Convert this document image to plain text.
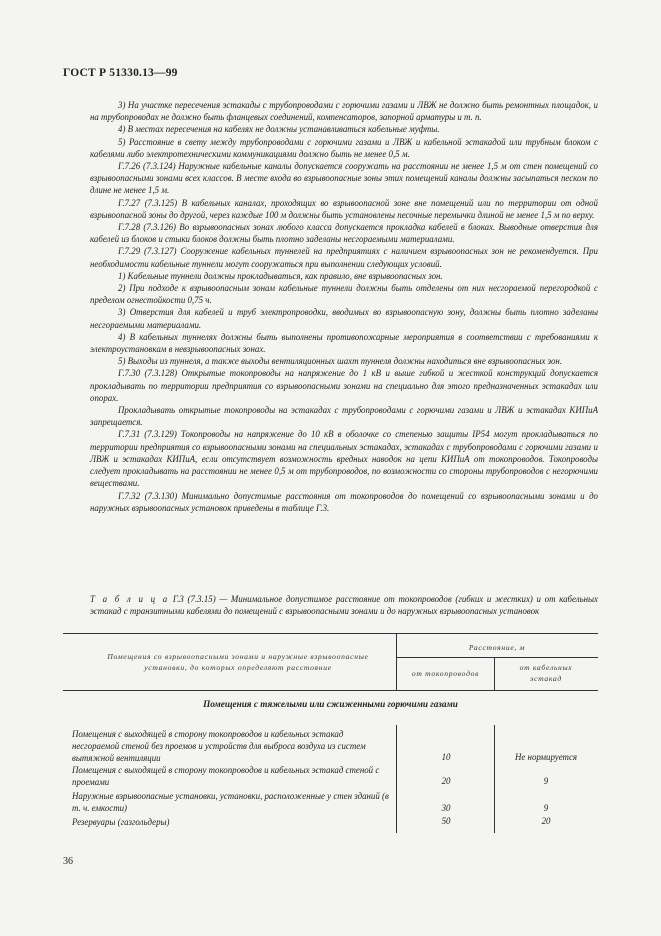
ГОСТ Р 51330.13—99

3) На участке пересечения эстакады с трубопроводами с горючими газами и ЛВЖ не должно быть ремонтных площадок, и на трубопроводах не должно быть фланцевых соединений, компенсаторов, запорной арматуры и т. п.

4) В местах пересечения на кабелях не должны устанавливаться кабельные муфты.

5) Расстояние в свету между трубопроводами с горючими газами и ЛВЖ и кабельной эстакадой или трубным блоком с кабелями либо электротехническими коммуникациями должно быть не менее 0,5 м.

Г.7.26 (7.3.124) Наружные кабельные каналы допускается сооружать на расстоянии не менее 1,5 м от стен помещений со взрывоопасными зонами всех классов. В месте входа во взрывоопасные зоны этих помещений каналы должны засыпаться песком по длине не менее 1,5 м.

Г.7.27 (7.3.125) В кабельных каналах, проходящих во взрывоопасной зоне вне помещений или по территории от одной взрывоопасной зоны до другой, через каждые 100 м должны быть установлены песочные перемычки длиной не менее 1,5 м по верху.

Г.7.28 (7.3.126) Во взрывоопасных зонах любого класса допускается прокладка кабелей в блоках. Выводные отверстия для кабелей из блоков и стыки блоков должны быть плотно заделаны несгораемыми материалами.

Г.7.29 (7.3.127) Сооружение кабельных туннелей на предприятиях с наличием взрывоопасных зон не рекомендуется. При необходимости кабельные туннели могут сооружаться при выполнении следующих условий.

1) Кабельные туннели должны прокладываться, как правило, вне взрывоопасных зон.

2) При подходе к взрывоопасным зонам кабельные туннели должны быть отделены от них несгораемой перегородкой с пределом огнестойкости 0,75 ч.

3) Отверстия для кабелей и труб электропроводки, вводимых во взрывоопасную зону, должны быть плотно заделаны несгораемыми материалами.

4) В кабельных туннелях должны быть выполнены противопожарные мероприятия в соответствии с требованиями к электроустановкам в невзрывоопасных зонах.

5) Выходы из туннеля, а также выходы вентиляционных шахт туннеля должны находиться вне взрывоопасных зон.

Г.7.30 (7.3.128) Открытые токопроводы на напряжение до 1 кВ и выше гибкой и жесткой конструкций допускается прокладывать по территории предприятия со взрывоопасными зонами на специально для этого предназначенных эстакадах или опорах.

Прокладывать открытые токопроводы на эстакадах с трубопроводами с горючими газами и ЛВЖ и эстакадах КИПиА запрещается.

Г.7.31 (7.3.129) Токопроводы на напряжение до 10 кВ в оболочке со степенью защиты IP54 могут прокладываться по территории предприятия со взрывоопасными зонами на специальных эстакадах, эстакадах с трубопроводами с горючими газами и ЛВЖ и эстакадах КИПиА, если отсутствует возможность вредных наводок на цепи КИПиА от токопроводов. Токопроводы следует прокладывать на расстоянии не менее 0,5 м от трубопроводов, по возможности со стороны трубопроводов с негорючими веществами.

Г.7.32 (7.3.130) Минимально допустимые расстояния от токопроводов до помещений со взрывоопасными зонами и до наружных взрывоопасных установок приведены в таблице Г.3.

Т а б л и ц а Г.3 (7.3.15) — Минимальное допустимое расстояние от токопроводов (гибких и жестких) и от кабельных эстакад с транзитными кабелями до помещений с взрывоопасными зонами и до наружных взрывоопасных установок
Помещения со взрывоопасными зонами и наружные взрывоопасные установки, до которых определяют расстояние
Расстояние, м
от токопроводов
от кабельных эстакад
Помещения с тяжелыми или сжиженными горючими газами
Помещения с выходящей в сторону токопроводов и кабельных эстакад несгораемой стеной без проемов и устройств для выброса воздуха из систем вытяжной вентиляции	10	Не нормируется
Помещения с выходящей в сторону токопроводов и кабельных эстакад стеной с проемами	20	9
Наружные взрывоопасные установки, установки, расположенные у стен зданий (в т. ч. емкости)	30	9
Резервуары (газгольдеры)	50	20
36
